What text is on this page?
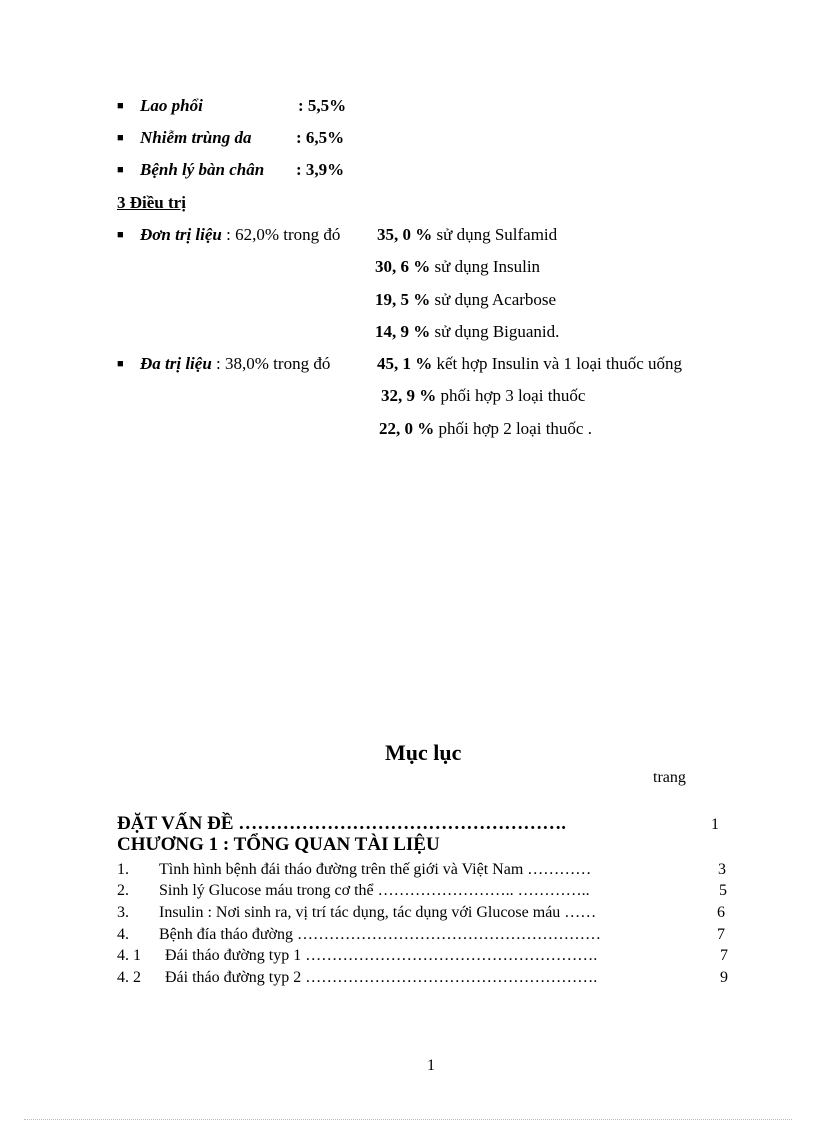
■ Lao phổi	: 5,5%
■ Nhiễm trùng da	: 6,5%
■ Bệnh lý bàn chân : 3,9%
3 Điều trị
■ Đơn trị liệu : 62,0% trong đó 35, 0 % sử dụng Sulfamid
30, 6 % sử dụng Insulin
19, 5 % sử dụng Acarbose
14, 9 % sử dụng Biguanid.
■ Đa trị liệu : 38,0% trong đó	45, 1 % kết hợp Insulin và 1 loại thuốc uống
32, 9 % phối hợp 3 loại thuốc
22, 0 % phối hợp 2 loại thuốc .
Mục lục
trang
ĐẶT VẤN ĐỀ …………………………………………….	1
CHƯƠNG 1 : TỔNG QUAN TÀI LIỆU
1. Tình hình bệnh đái tháo đường trên thế giới và Việt Nam …………	3
2. Sinh lý Glucose máu trong cơ thể …………………….. …………..	5
3. Insulin : Nơi sinh ra, vị trí tác dụng, tác dụng với Glucose máu ……	6
4. Bệnh đía tháo đường …………………………………………………	7
4. 1 Đái tháo đường typ 1 ……………………………………………….	7
4. 2 Đái tháo đường typ 2 ……………………………………………….	9
1
